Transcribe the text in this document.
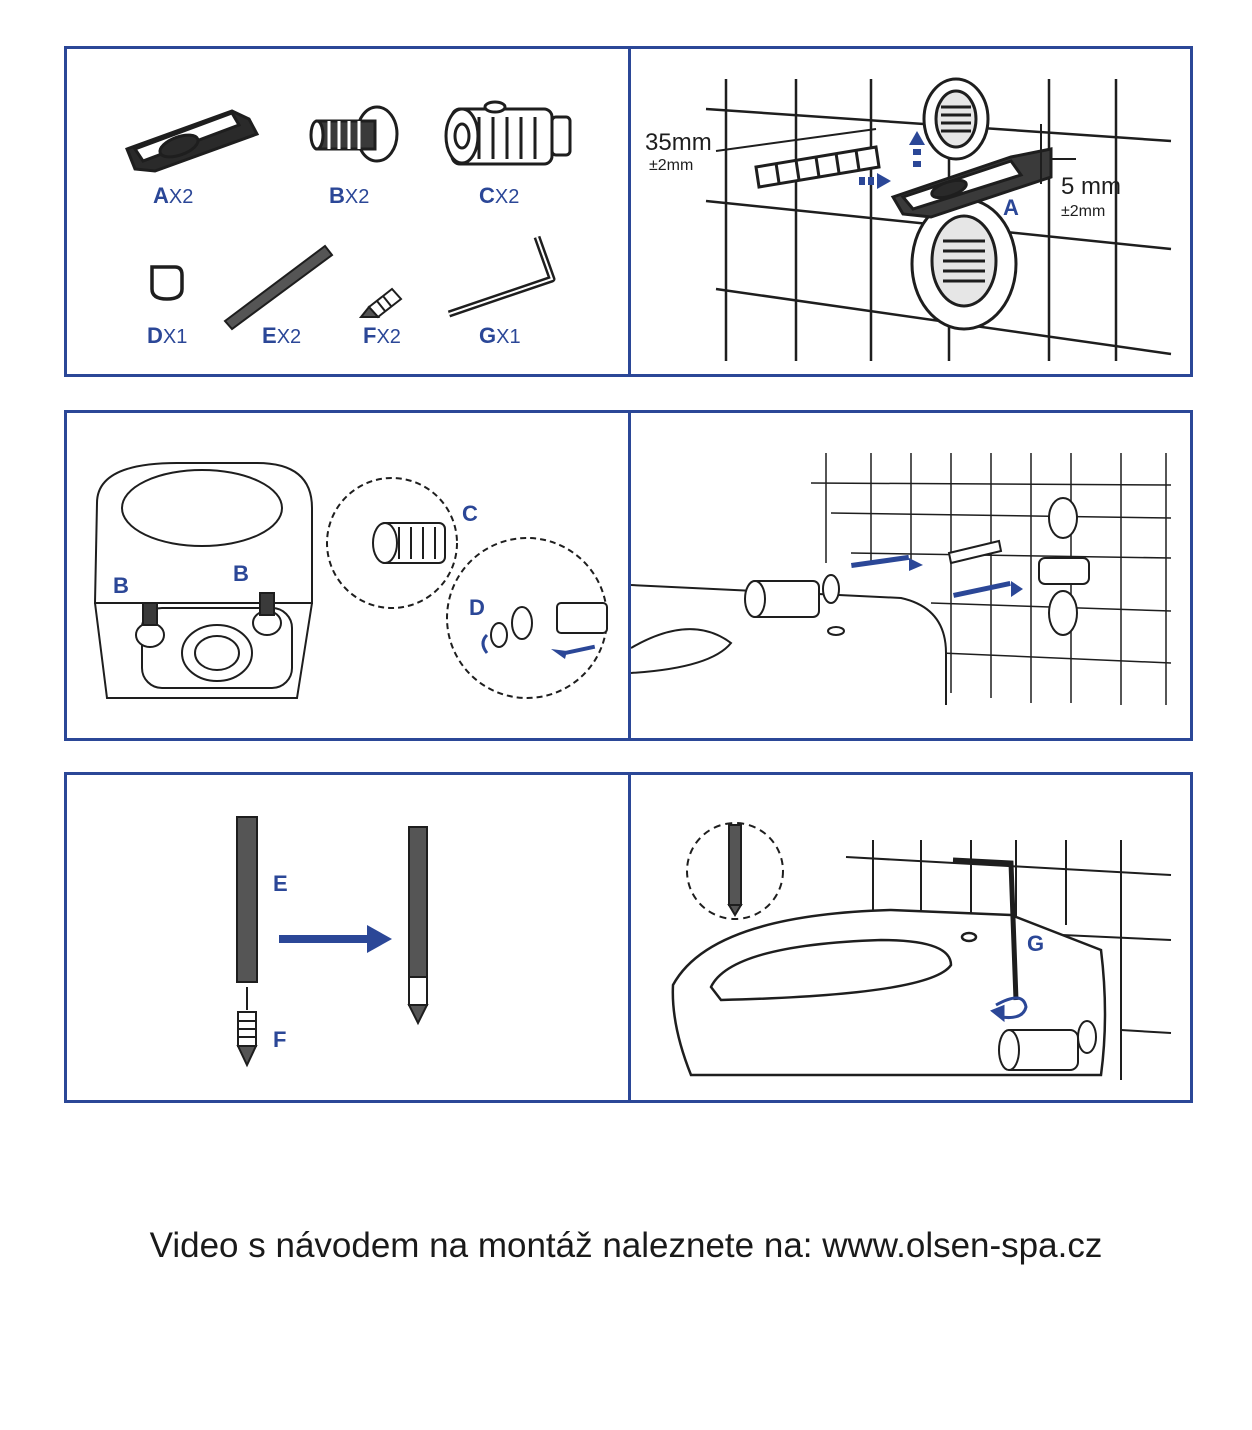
AX2	BX2	CX2
DX1	EX2	FX2	GX1
35mm
±2mm
5 mm
±2mm
A
B	B
C
D
E
F
G
Video s návodem na montáž naleznete na: www.olsen-spa.cz
